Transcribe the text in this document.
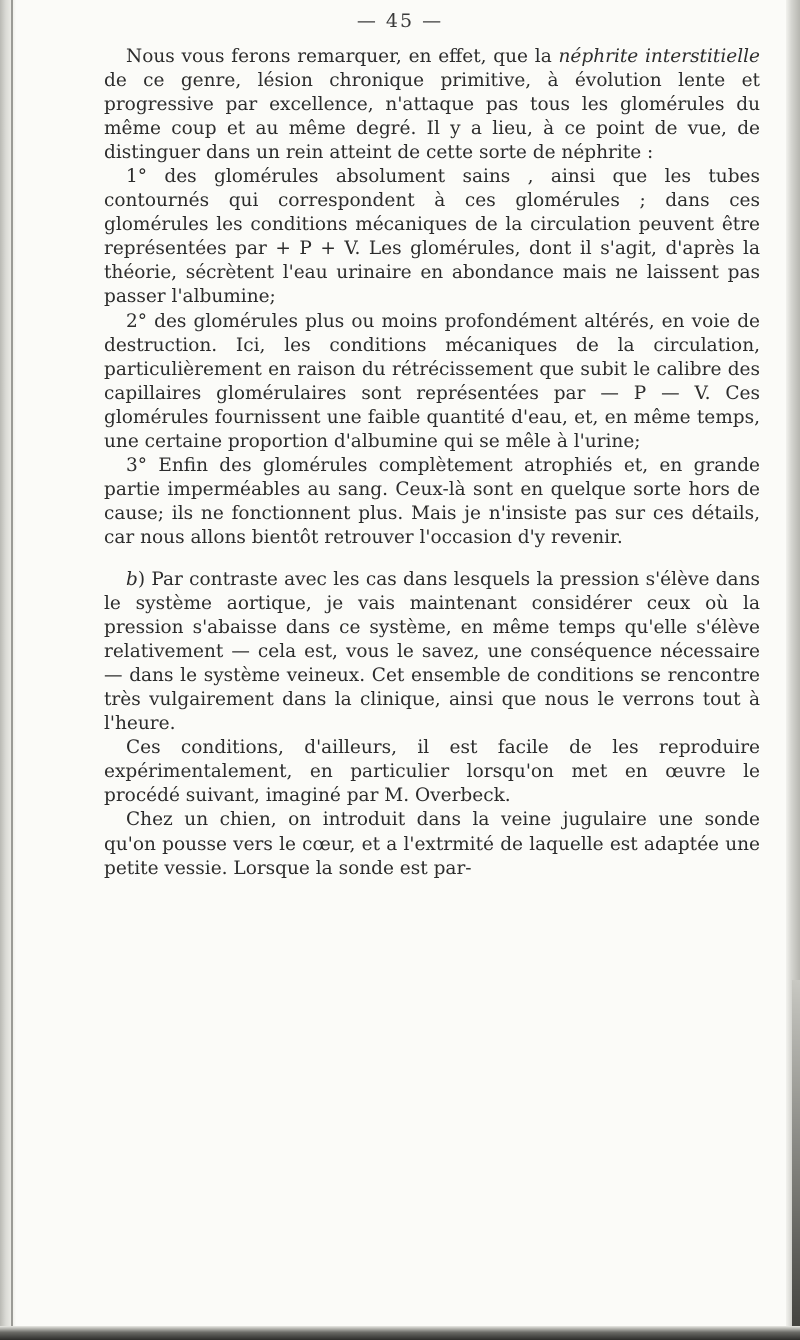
— 45 —

Nous vous ferons remarquer, en effet, que la néphrite interstitielle de ce genre, lésion chronique primitive, à évolution lente et progressive par excellence, n'attaque pas tous les glomérules du même coup et au même degré. Il y a lieu, à ce point de vue, de distinguer dans un rein atteint de cette sorte de néphrite :

1° des glomérules absolument sains , ainsi que les tubes contournés qui correspondent à ces glomérules ; dans ces glomérules les conditions mécaniques de la circulation peuvent être représentées par + P + V. Les glomérules, dont il s'agit, d'après la théorie, sécrètent l'eau urinaire en abondance mais ne laissent pas passer l'albumine;

2° des glomérules plus ou moins profondément altérés, en voie de destruction. Ici, les conditions mécaniques de la circulation, particulièrement en raison du rétrécissement que subit le calibre des capillaires glomérulaires sont représentées par — P — V. Ces glomérules fournissent une faible quantité d'eau, et, en même temps, une certaine proportion d'albumine qui se mêle à l'urine;

3° Enfin des glomérules complètement atrophiés et, en grande partie imperméables au sang. Ceux-là sont en quelque sorte hors de cause; ils ne fonctionnent plus. Mais je n'insiste pas sur ces détails, car nous allons bientôt retrouver l'occasion d'y revenir.

b) Par contraste avec les cas dans lesquels la pression s'élève dans le système aortique, je vais maintenant considérer ceux où la pression s'abaisse dans ce système, en même temps qu'elle s'élève relativement — cela est, vous le savez, une conséquence nécessaire — dans le système veineux. Cet ensemble de conditions se rencontre très vulgairement dans la clinique, ainsi que nous le verrons tout à l'heure.

Ces conditions, d'ailleurs, il est facile de les reproduire expérimentalement, en particulier lorsqu'on met en œuvre le procédé suivant, imaginé par M. Overbeck.

Chez un chien, on introduit dans la veine jugulaire une sonde qu'on pousse vers le cœur, et a l'extrmité de laquelle est adaptée une petite vessie. Lorsque la sonde est par-
